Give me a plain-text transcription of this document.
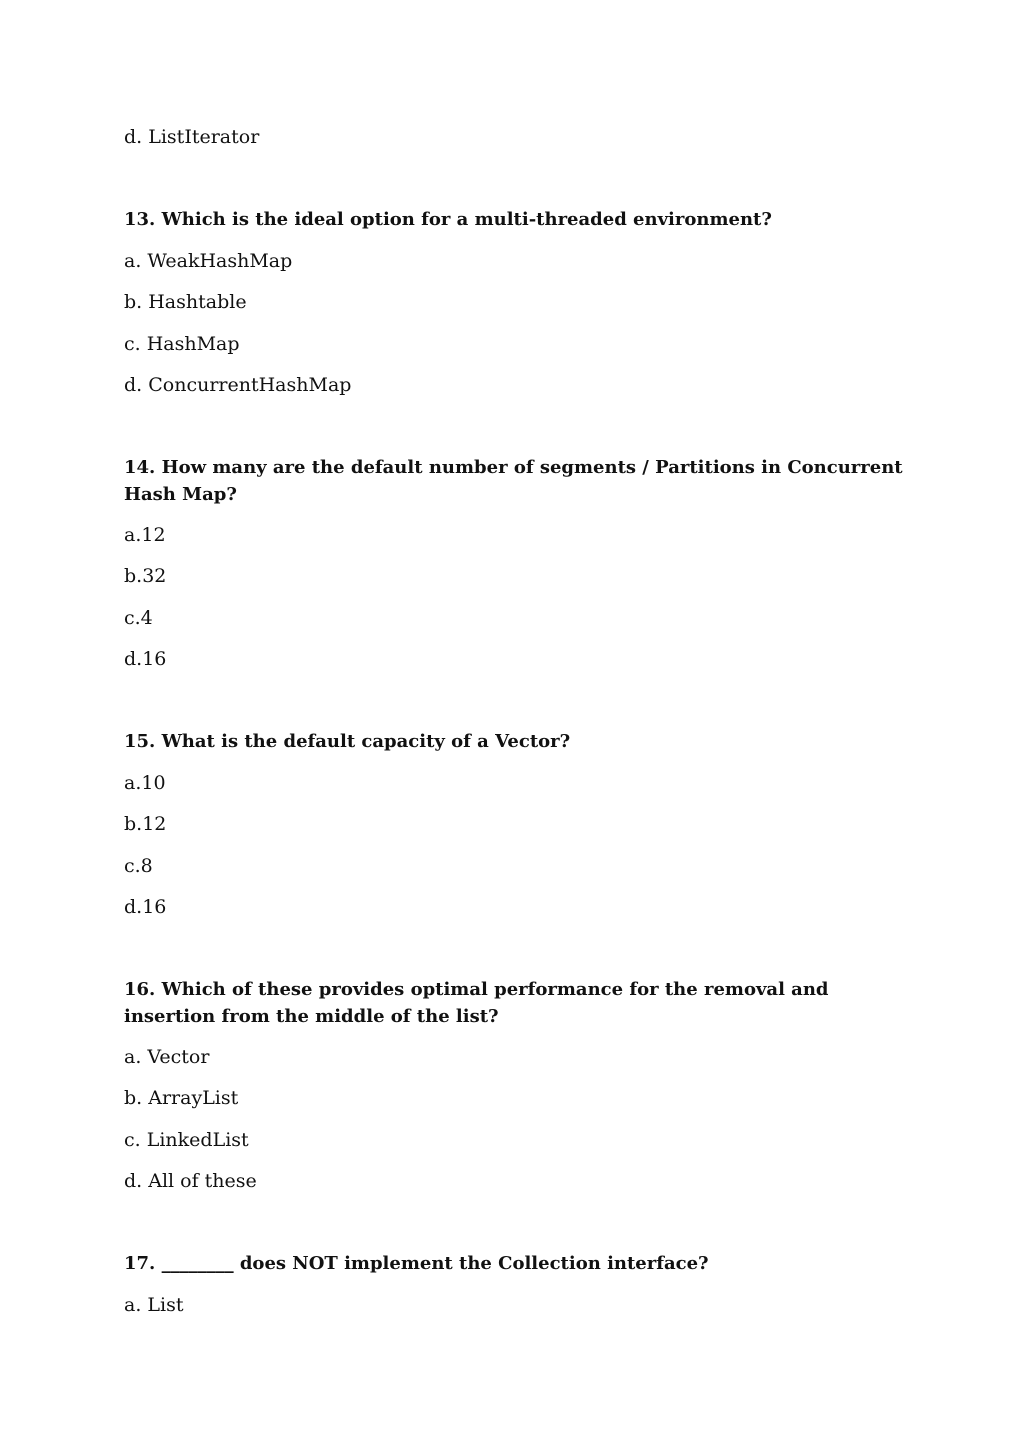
d. ListIterator
13. Which is the ideal option for a multi-threaded environment?
a. WeakHashMap
b. Hashtable
c. HashMap
d. ConcurrentHashMap
14. How many are the default number of segments / Partitions in Concurrent Hash Map?
a.12
b.32
c.4
d.16
15. What is the default capacity of a Vector?
a.10
b.12
c.8
d.16
16. Which of these provides optimal performance for the removal and insertion from the middle of the list?
a. Vector
b. ArrayList
c. LinkedList
d. All of these
17. ________ does NOT implement the Collection interface?
a. List
